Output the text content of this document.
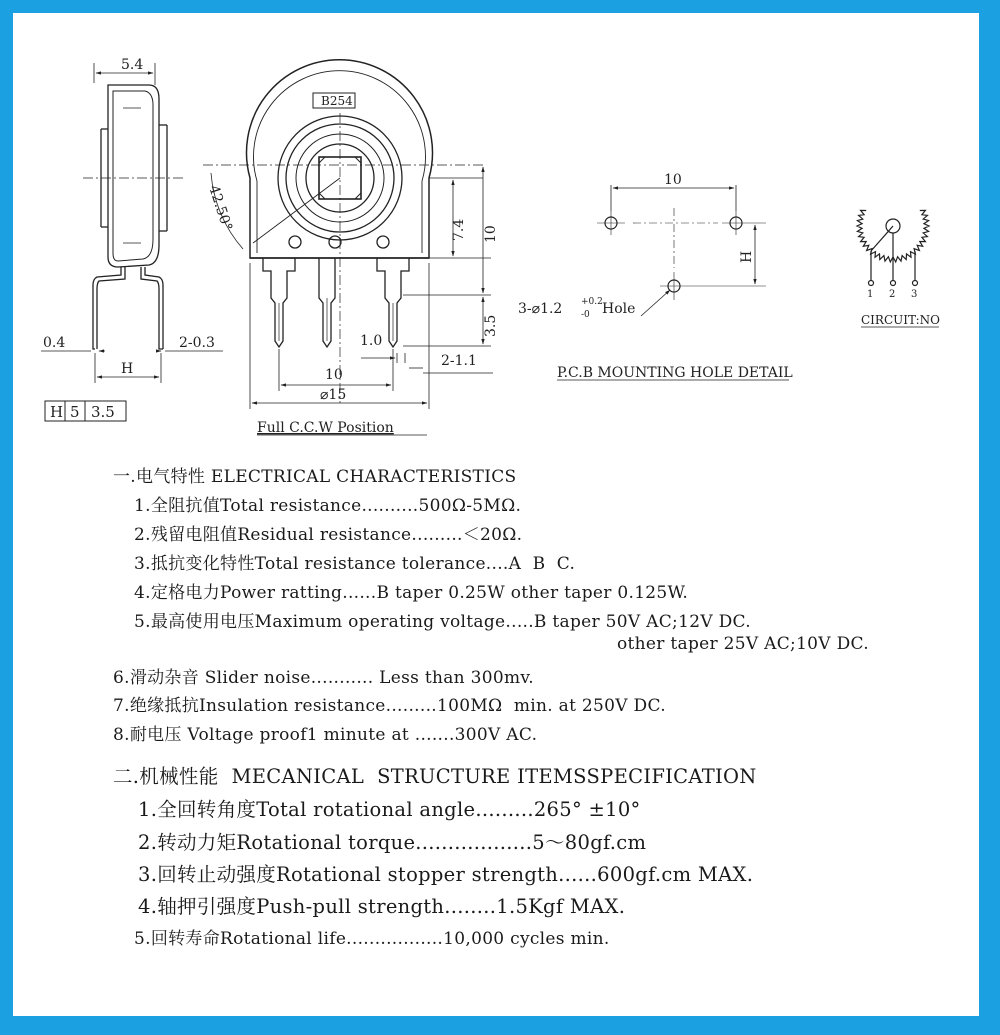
5.4
0.4	2-0.3
H
H 5 3.5
B254
42.50°	7.4 10
3.5
1.0
10
⌀15
2-1.1
Full C.C.W Position
10
H
3-⌀1.2 +0.2
-0 Hole
P.C.B MOUNTING HOLE DETAIL
1 2 3
CIRCUIT:NO
一.电气特性 ELECTRICAL CHARACTERISTICS
1.全阻抗值Total resistance..........500Ω-5MΩ.
2.残留电阻值Residual resistance.........＜20Ω.
3.抵抗变化特性Total resistance tolerance....A  B  C.
4.定格电力Power ratting......B taper 0.25W other taper 0.125W.
5.最高使用电压Maximum operating voltage.....B taper 50V AC;12V DC.
other taper 25V AC;10V DC.
6.滑动杂音 Slider noise........... Less than 300mv.
7.绝缘抵抗Insulation resistance.........100MΩ  min. at 250V DC.
8.耐电压 Voltage proof1 minute at .......300V AC.
二.机械性能  MECANICAL  STRUCTURE ITEMSSPECIFICATION
1.全回转角度Total rotational angle.........265° ±10°
2.转动力矩Rotational torque..................5～80gf.cm
3.回转止动强度Rotational stopper strength......600gf.cm MAX.
4.轴押引强度Push-pull strength........1.5Kgf MAX.
5.回转寿命Rotational life.................10,000 cycles min.
